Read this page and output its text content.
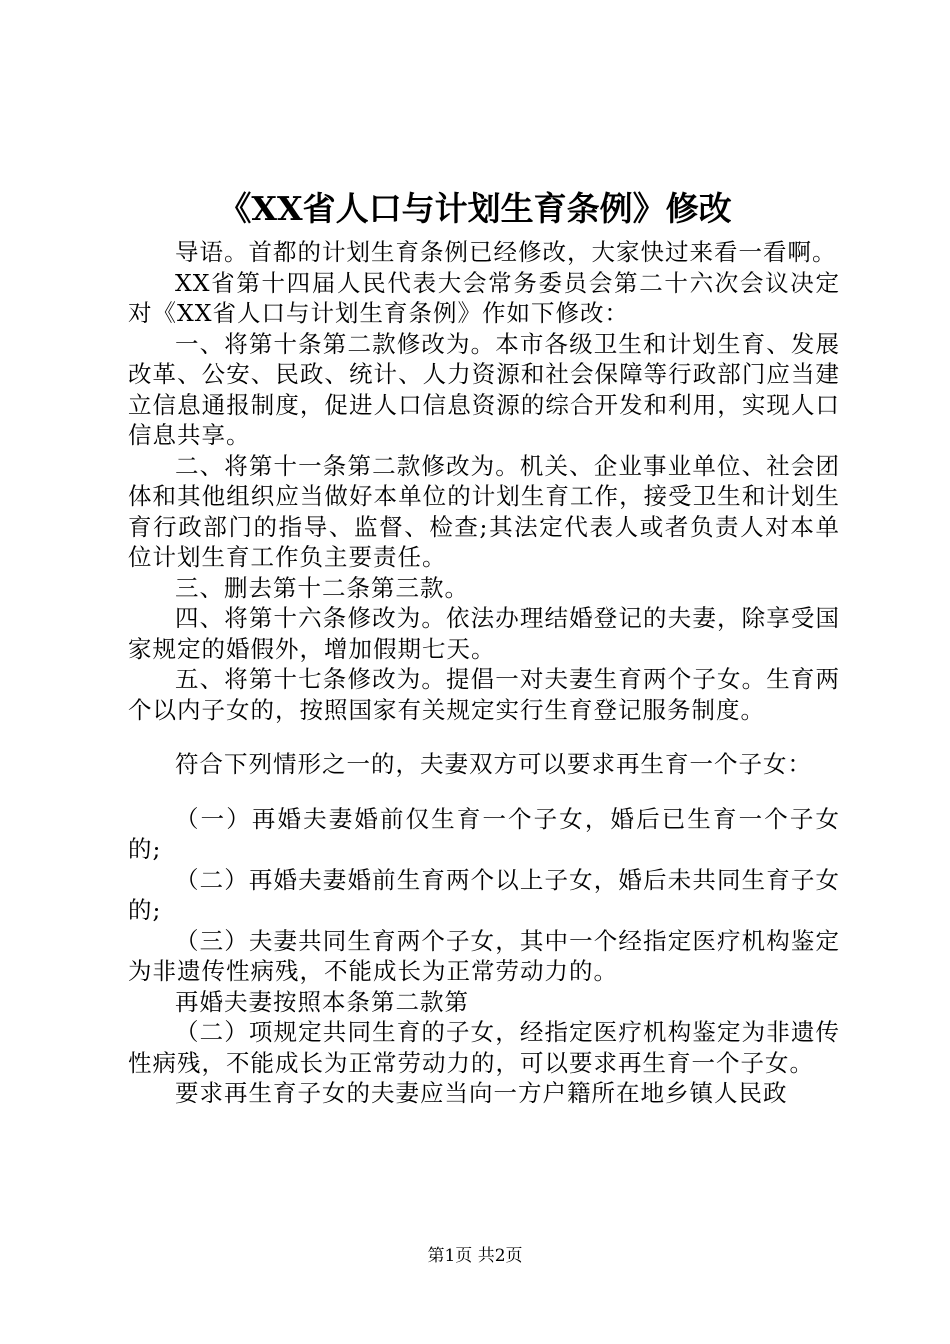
《XX省人口与计划生育条例》修改

导语。首都的计划生育条例已经修改，大家快过来看一看啊。

XX省第十四届人民代表大会常务委员会第二十六次会议决定对《XX省人口与计划生育条例》作如下修改：

一、将第十条第二款修改为。本市各级卫生和计划生育、发展改革、公安、民政、统计、人力资源和社会保障等行政部门应当建立信息通报制度，促进人口信息资源的综合开发和利用，实现人口信息共享。

二、将第十一条第二款修改为。机关、企业事业单位、社会团体和其他组织应当做好本单位的计划生育工作，接受卫生和计划生育行政部门的指导、监督、检查;其法定代表人或者负责人对本单位计划生育工作负主要责任。

三、删去第十二条第三款。

四、将第十六条修改为。依法办理结婚登记的夫妻，除享受国家规定的婚假外，增加假期七天。

五、将第十七条修改为。提倡一对夫妻生育两个子女。生育两个以内子女的，按照国家有关规定实行生育登记服务制度。

符合下列情形之一的，夫妻双方可以要求再生育一个子女：

（一）再婚夫妻婚前仅生育一个子女，婚后已生育一个子女的;

（二）再婚夫妻婚前生育两个以上子女，婚后未共同生育子女的;

（三）夫妻共同生育两个子女，其中一个经指定医疗机构鉴定为非遗传性病残，不能成长为正常劳动力的。

再婚夫妻按照本条第二款第

（二）项规定共同生育的子女，经指定医疗机构鉴定为非遗传性病残，不能成长为正常劳动力的，可以要求再生育一个子女。

要求再生育子女的夫妻应当向一方户籍所在地乡镇人民政

第1页 共2页
